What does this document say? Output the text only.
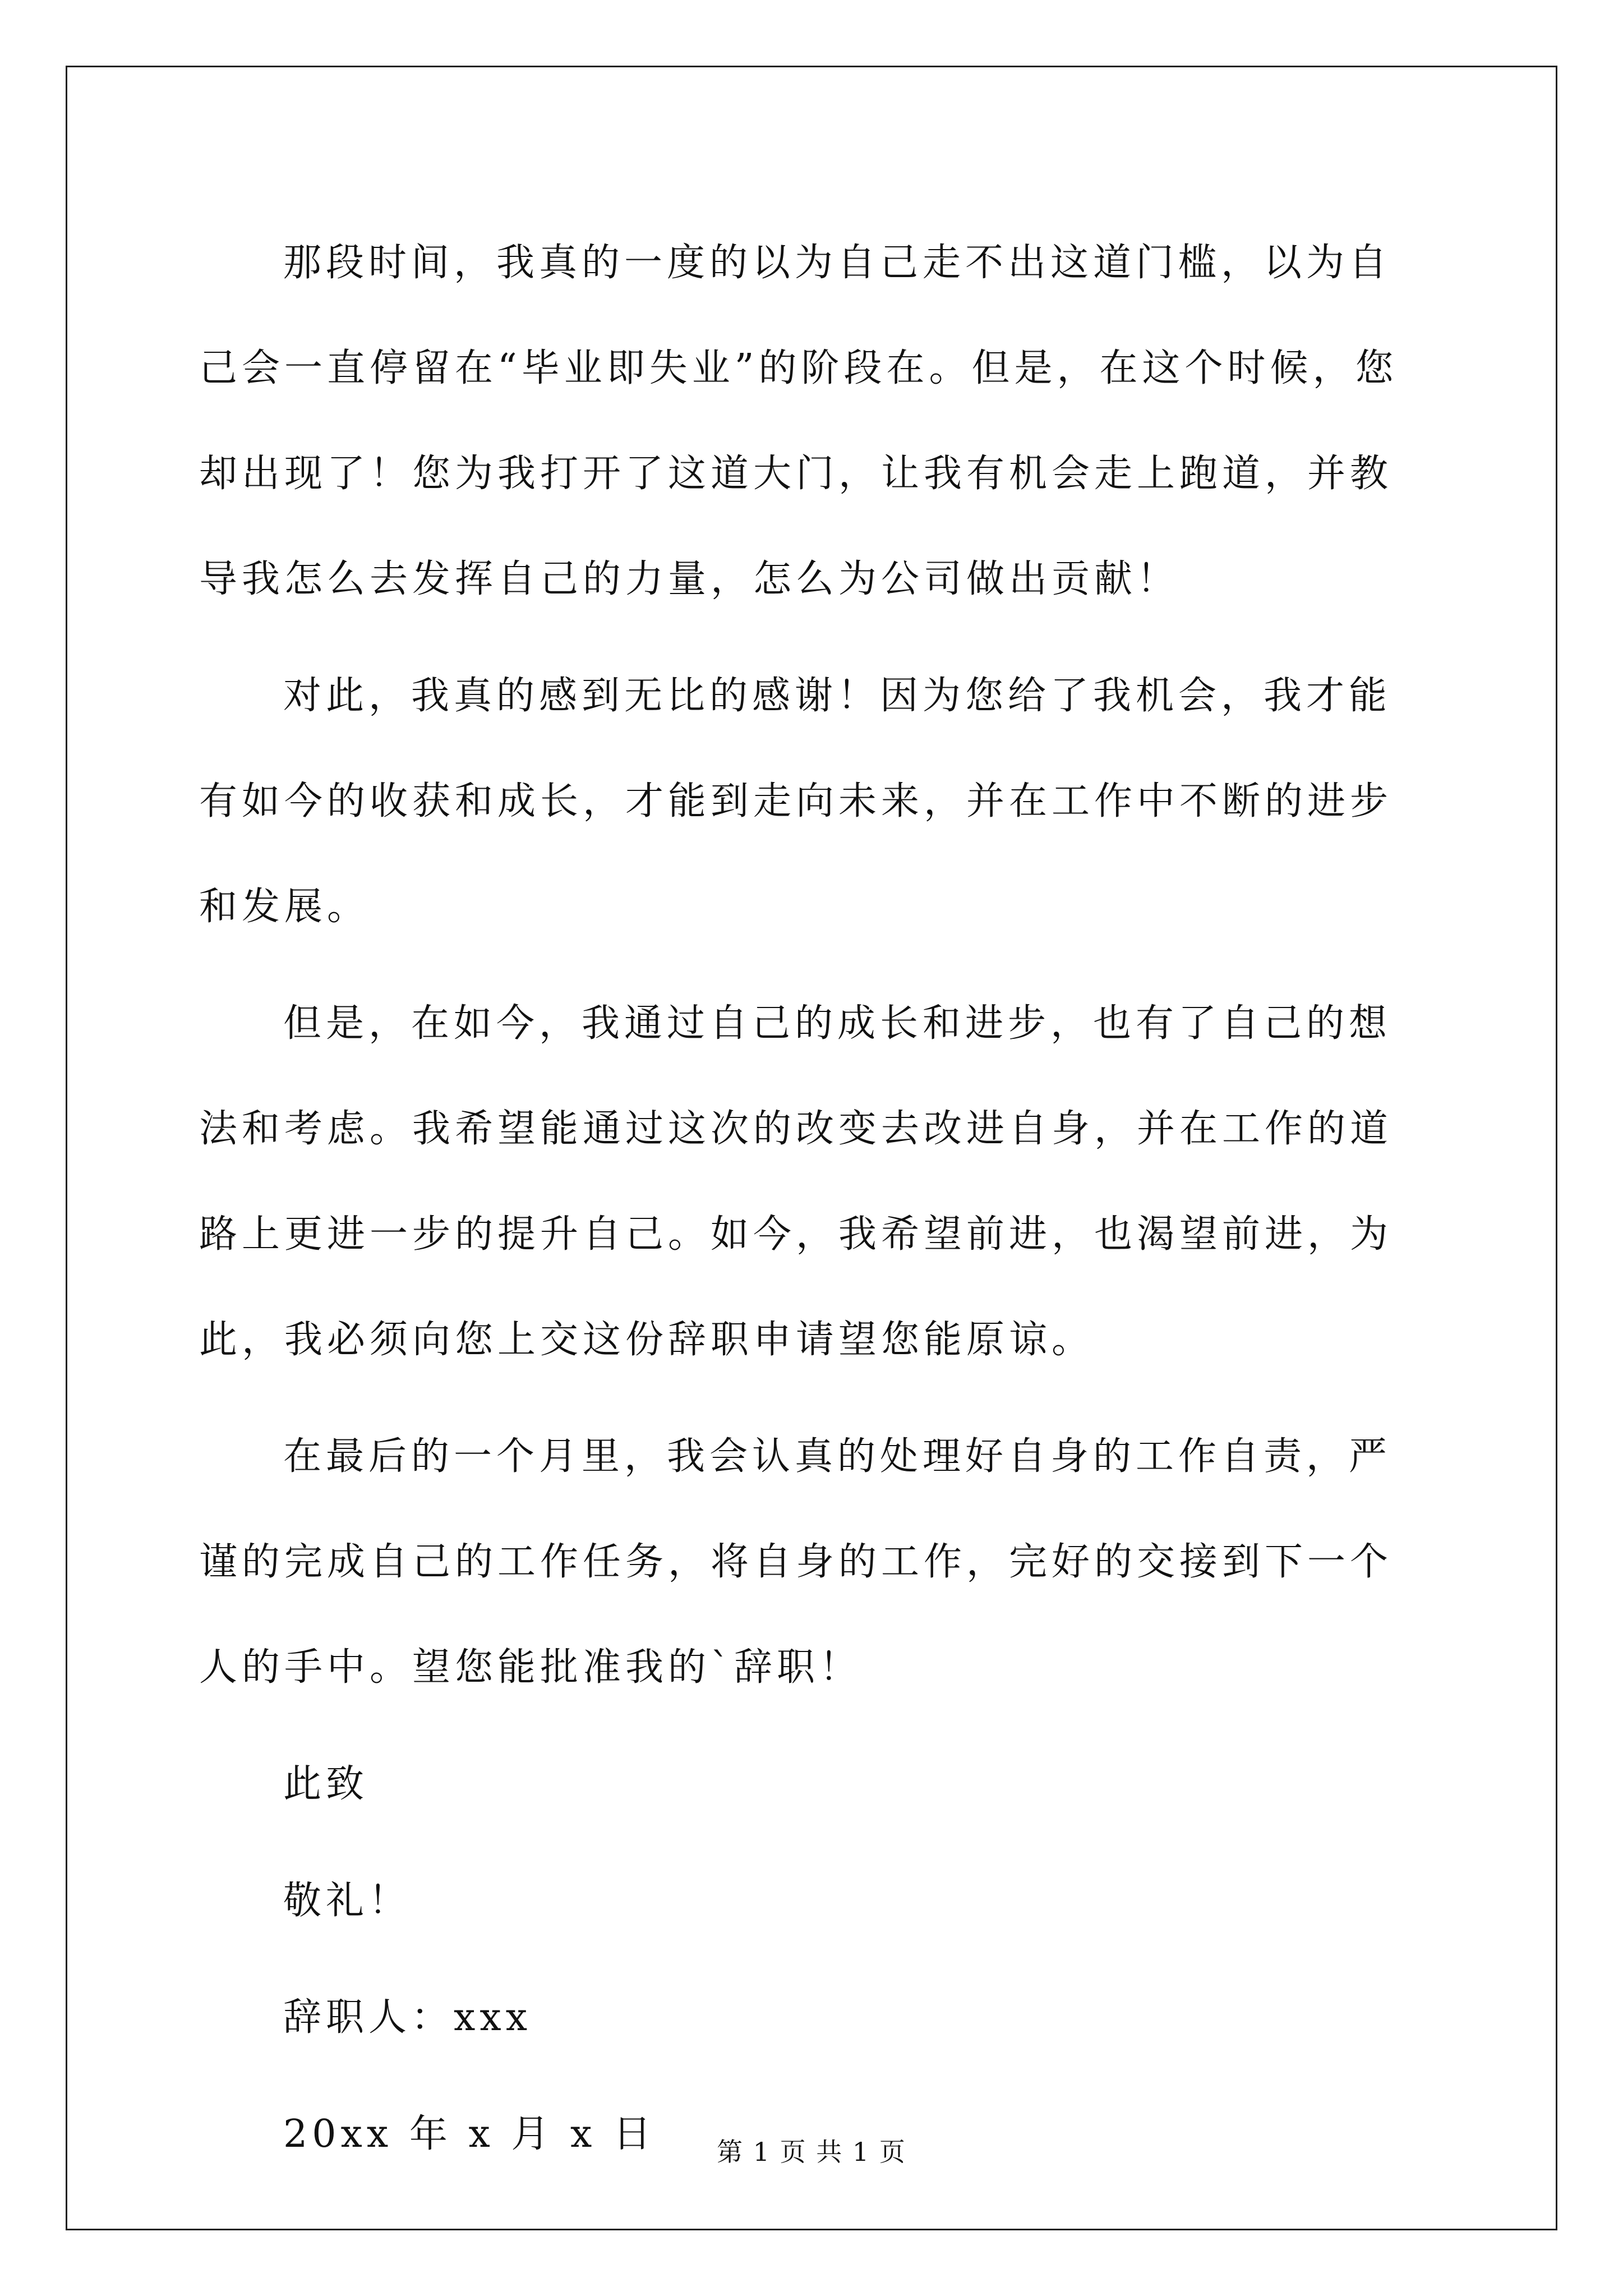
那段时间，我真的一度的以为自己走不出这道门槛，以为自己会一直停留在“毕业即失业”的阶段在。但是，在这个时候，您却出现了！您为我打开了这道大门，让我有机会走上跑道，并教导我怎么去发挥自己的力量，怎么为公司做出贡献！

对此，我真的感到无比的感谢！因为您给了我机会，我才能有如今的收获和成长，才能到走向未来，并在工作中不断的进步和发展。

但是，在如今，我通过自己的成长和进步，也有了自己的想法和考虑。我希望能通过这次的改变去改进自身，并在工作的道路上更进一步的提升自己。如今，我希望前进，也渴望前进，为此，我必须向您上交这份辞职申请望您能原谅。

在最后的一个月里，我会认真的处理好自身的工作自责，严谨的完成自己的工作任务，将自身的工作，完好的交接到下一个人的手中。望您能批准我的`辞职！

此致

敬礼！

辞职人：xxx

20xx 年 x 月 x 日	第 1 页 共 1 页
